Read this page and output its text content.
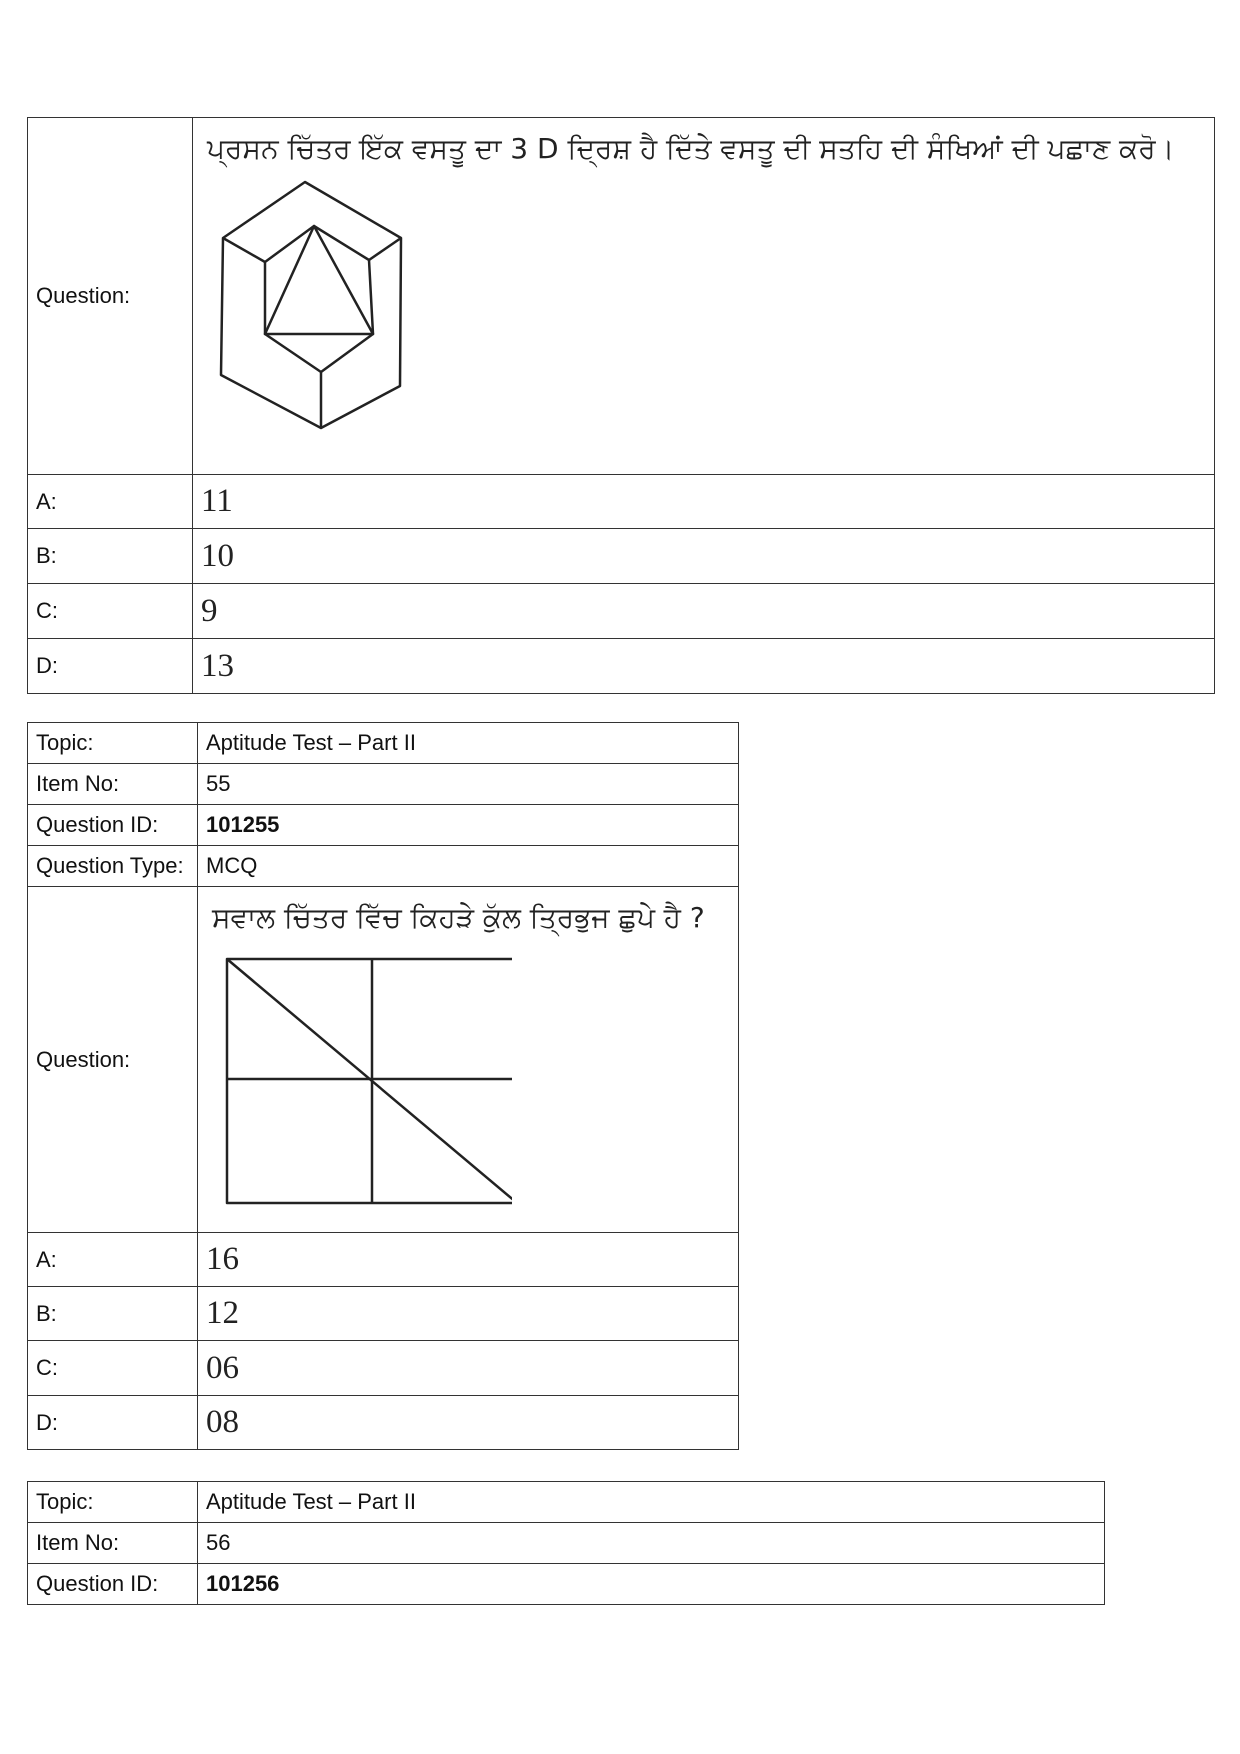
Question:	ਪ੍ਰਸਨ ਚਿੱਤਰ ਇੱਕ ਵਸਤੂ ਦਾ 3 D ਦ੍ਰਿਸ਼ ਹੈ ਦਿੱਤੇ ਵਸਤੂ ਦੀ ਸਤਹਿ ਦੀ ਸੰਖਿਆਂ ਦੀ ਪਛਾਣ ਕਰੋ।

A:	11
B:	10
C:	9
D:	13
Topic:	Aptitude Test – Part II
Item No:	55
Question ID:	101255
Question Type:	MCQ
Question:	ਸਵਾਲ ਚਿੱਤਰ ਵਿੱਚ ਕਿਹੜੇ ਕੁੱਲ ਤ੍ਰਿਭੁਜ ਛੁਪੇ ਹੈ ?

A:	16
B:	12
C:	06
D:	08
Topic:	Aptitude Test – Part II
Item No:	56
Question ID:	101256
